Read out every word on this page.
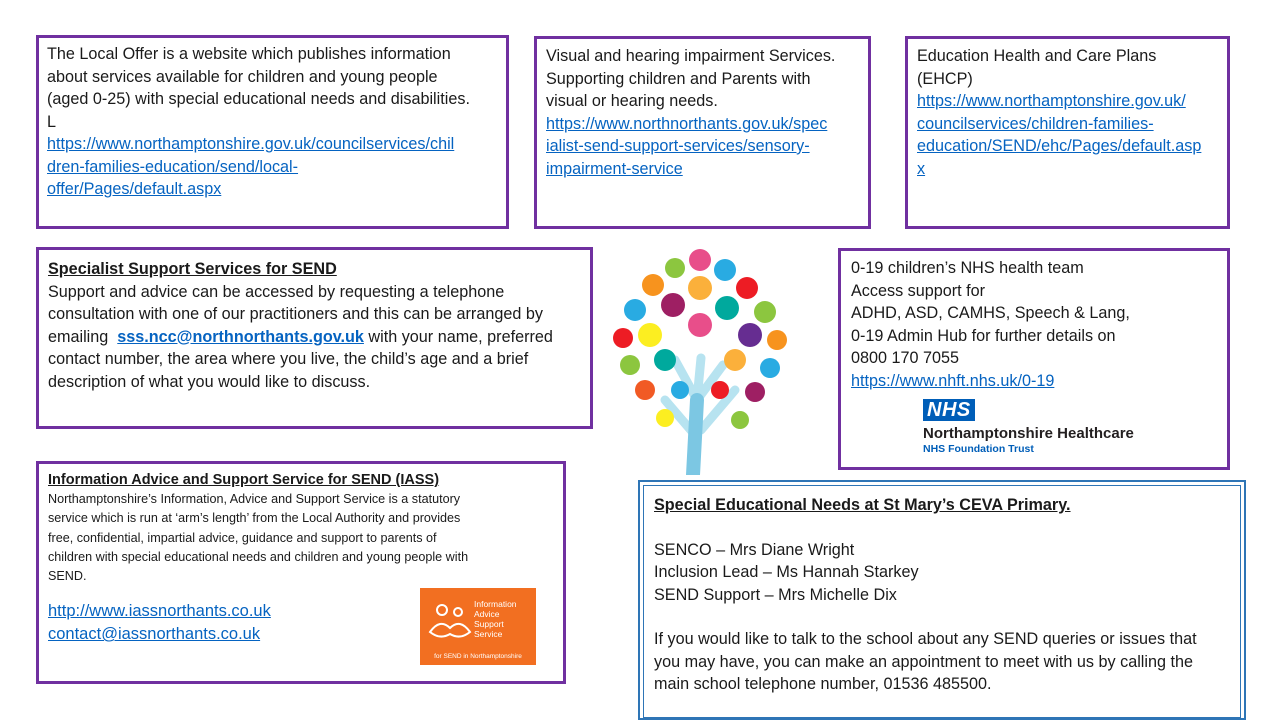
The Local Offer is a website which publishes information
about services available for children and young people
(aged 0-25) with special educational needs and disabilities.
L
https://www.northamptonshire.gov.uk/councilservices/chil
dren-families-education/send/local-
offer/Pages/default.aspx
Visual and hearing impairment Services.
Supporting children and Parents with
visual or hearing needs.
https://www.northnorthants.gov.uk/spec
ialist-send-support-services/sensory-
impairment-service
Education Health and Care Plans
(EHCP)
https://www.northamptonshire.gov.uk/
councilservices/children-families-
education/SEND/ehc/Pages/default.asp
x
Specialist Support Services for SEND
Support and advice can be accessed by requesting a telephone
consultation with one of our practitioners and this can be arranged by
emailing  sss.ncc@northnorthants.gov.uk with your name, preferred
contact number, the area where you live, the child’s age and a brief
description of what you would like to discuss.
0-19 children’s NHS health team
Access support for
ADHD, ASD, CAMHS, Speech & Lang,
0-19 Admin Hub for further details on
0800 170 7055
https://www.nhft.nhs.uk/0-19
NHS
Northamptonshire Healthcare
NHS Foundation Trust
Information Advice and Support Service for SEND (IASS)
Northamptonshire’s Information, Advice and Support Service is a statutory
service which is run at ‘arm’s length’ from the Local Authority and provides
free, confidential, impartial advice, guidance and support to parents of
children with special educational needs and children and young people with
SEND.
http://www.iassnorthants.co.uk
contact@iassnorthants.co.uk
Information
Advice
Support
Service
for SEND in Northamptonshire
Special Educational Needs at St Mary’s CEVA Primary.
SENCO – Mrs Diane Wright
Inclusion Lead – Ms Hannah Starkey
SEND Support – Mrs Michelle Dix
If you would like to talk to the school about any SEND queries or issues that
you may have, you can make an appointment to meet with us by calling the
main school telephone number, 01536 485500.
